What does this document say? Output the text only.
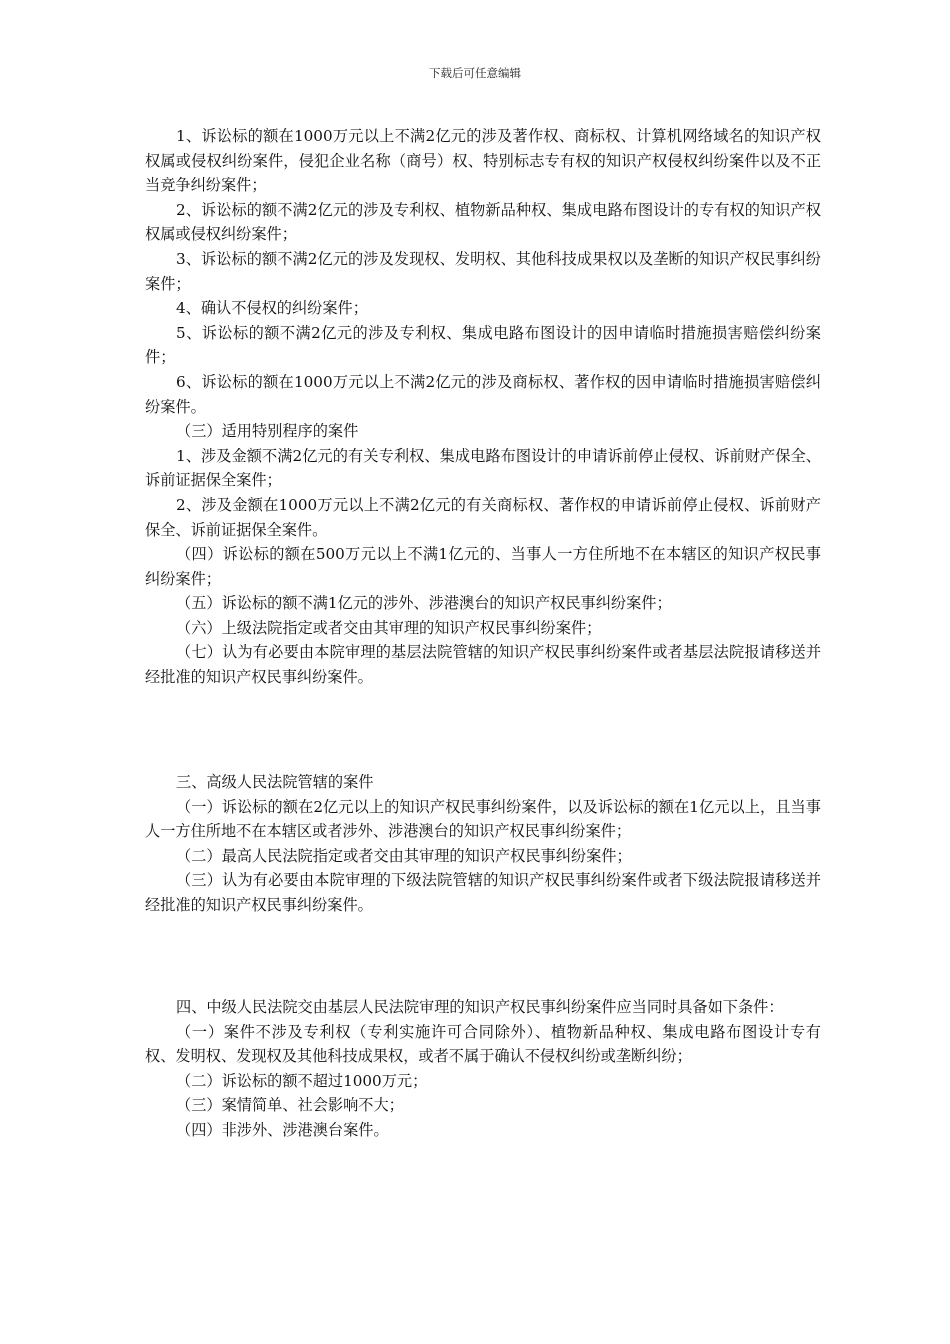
下载后可任意编辑

1、诉讼标的额在1000万元以上不满2亿元的涉及著作权、商标权、计算机网络域名的知识产权权属或侵权纠纷案件，侵犯企业名称（商号）权、特别标志专有权的知识产权侵权纠纷案件以及不正当竞争纠纷案件；

2、诉讼标的额不满2亿元的涉及专利权、植物新品种权、集成电路布图设计的专有权的知识产权权属或侵权纠纷案件；

3、诉讼标的额不满2亿元的涉及发现权、发明权、其他科技成果权以及垄断的知识产权民事纠纷案件；

4、确认不侵权的纠纷案件；

5、诉讼标的额不满2亿元的涉及专利权、集成电路布图设计的因申请临时措施损害赔偿纠纷案件；

6、诉讼标的额在1000万元以上不满2亿元的涉及商标权、著作权的因申请临时措施损害赔偿纠纷案件。

（三）适用特别程序的案件

1、涉及金额不满2亿元的有关专利权、集成电路布图设计的申请诉前停止侵权、诉前财产保全、诉前证据保全案件；

2、涉及金额在1000万元以上不满2亿元的有关商标权、著作权的申请诉前停止侵权、诉前财产保全、诉前证据保全案件。

（四）诉讼标的额在500万元以上不满1亿元的、当事人一方住所地不在本辖区的知识产权民事纠纷案件；

（五）诉讼标的额不满1亿元的涉外、涉港澳台的知识产权民事纠纷案件；

（六）上级法院指定或者交由其审理的知识产权民事纠纷案件；

（七）认为有必要由本院审理的基层法院管辖的知识产权民事纠纷案件或者基层法院报请移送并经批准的知识产权民事纠纷案件。

三、高级人民法院管辖的案件

（一）诉讼标的额在2亿元以上的知识产权民事纠纷案件，以及诉讼标的额在1亿元以上，且当事人一方住所地不在本辖区或者涉外、涉港澳台的知识产权民事纠纷案件；

（二）最高人民法院指定或者交由其审理的知识产权民事纠纷案件；

（三）认为有必要由本院审理的下级法院管辖的知识产权民事纠纷案件或者下级法院报请移送并经批准的知识产权民事纠纷案件。

四、中级人民法院交由基层人民法院审理的知识产权民事纠纷案件应当同时具备如下条件：

（一）案件不涉及专利权（专利实施许可合同除外）、植物新品种权、集成电路布图设计专有权、发明权、发现权及其他科技成果权，或者不属于确认不侵权纠纷或垄断纠纷；

（二）诉讼标的额不超过1000万元；

（三）案情简单、社会影响不大；

（四）非涉外、涉港澳台案件。
